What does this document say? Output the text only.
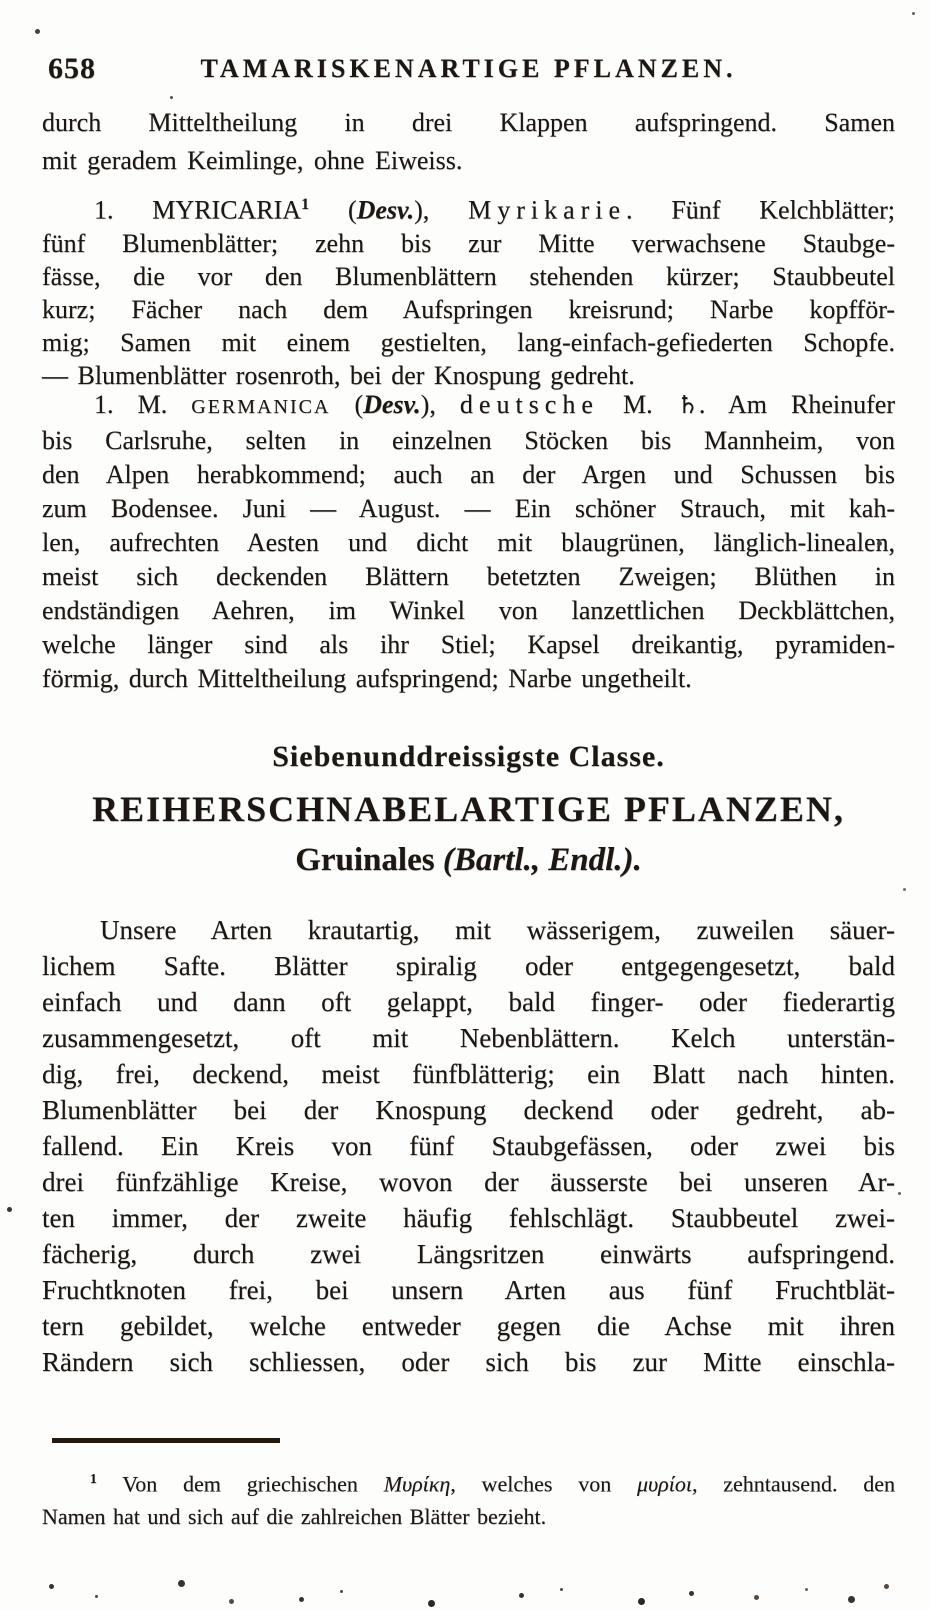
658	TAMARISKENARTIGE PFLANZEN.
durch Mitteltheilung in drei Klappen aufspringend. Samen
mit geradem Keimlinge, ohne Eiweiss.
1. MYRICARIA$^1$ (Desv.), Myrikarie. Fünf Kelchblätter;
fünf Blumenblätter; zehn bis zur Mitte verwachsene Staubge-
fässe, die vor den Blumenblättern stehenden kürzer; Staubbeutel
kurz; Fächer nach dem Aufspringen kreisrund; Narbe kopfför-
mig; Samen mit einem gestielten, lang-einfach-gefiederten Schopfe.
— Blumenblätter rosenroth, bei der Knospung gedreht.
1. M. GERMANICA (Desv.), deutsche M. ♄. Am Rheinufer
bis Carlsruhe, selten in einzelnen Stöcken bis Mannheim, von
den Alpen herabkommend; auch an der Argen und Schussen bis
zum Bodensee. Juni — August. — Ein schöner Strauch, mit kah-
len, aufrechten Aesten und dicht mit blaugrünen, länglich-linealen,
meist sich deckenden Blättern betetzten Zweigen; Blüthen in
endständigen Aehren, im Winkel von lanzettlichen Deckblättchen,
welche länger sind als ihr Stiel; Kapsel dreikantig, pyramiden-
förmig, durch Mitteltheilung aufspringend; Narbe ungetheilt.
Siebenunddreissigste Classe.
REIHERSCHNABELARTIGE PFLANZEN,
Gruinales (Bartl., Endl.).
Unsere Arten krautartig, mit wässerigem, zuweilen säuer-
lichem Safte. Blätter spiralig oder entgegengesetzt, bald
einfach und dann oft gelappt, bald finger- oder fiederartig
zusammengesetzt, oft mit Nebenblättern. Kelch unterstän-
dig, frei, deckend, meist fünfblätterig; ein Blatt nach hinten.
Blumenblätter bei der Knospung deckend oder gedreht, ab-
fallend. Ein Kreis von fünf Staubgefässen, oder zwei bis
drei fünfzählige Kreise, wovon der äusserste bei unseren Ar-
ten immer, der zweite häufig fehlschlägt. Staubbeutel zwei-
fächerig, durch zwei Längsritzen einwärts aufspringend.
Fruchtknoten frei, bei unsern Arten aus fünf Fruchtblät-
tern gebildet, welche entweder gegen die Achse mit ihren
Rändern sich schliessen, oder sich bis zur Mitte einschla-
$^1$ Von dem griechischen Μυρίκη, welches von μυρίοι, zehntausend. den
Namen hat und sich auf die zahlreichen Blätter bezieht.
